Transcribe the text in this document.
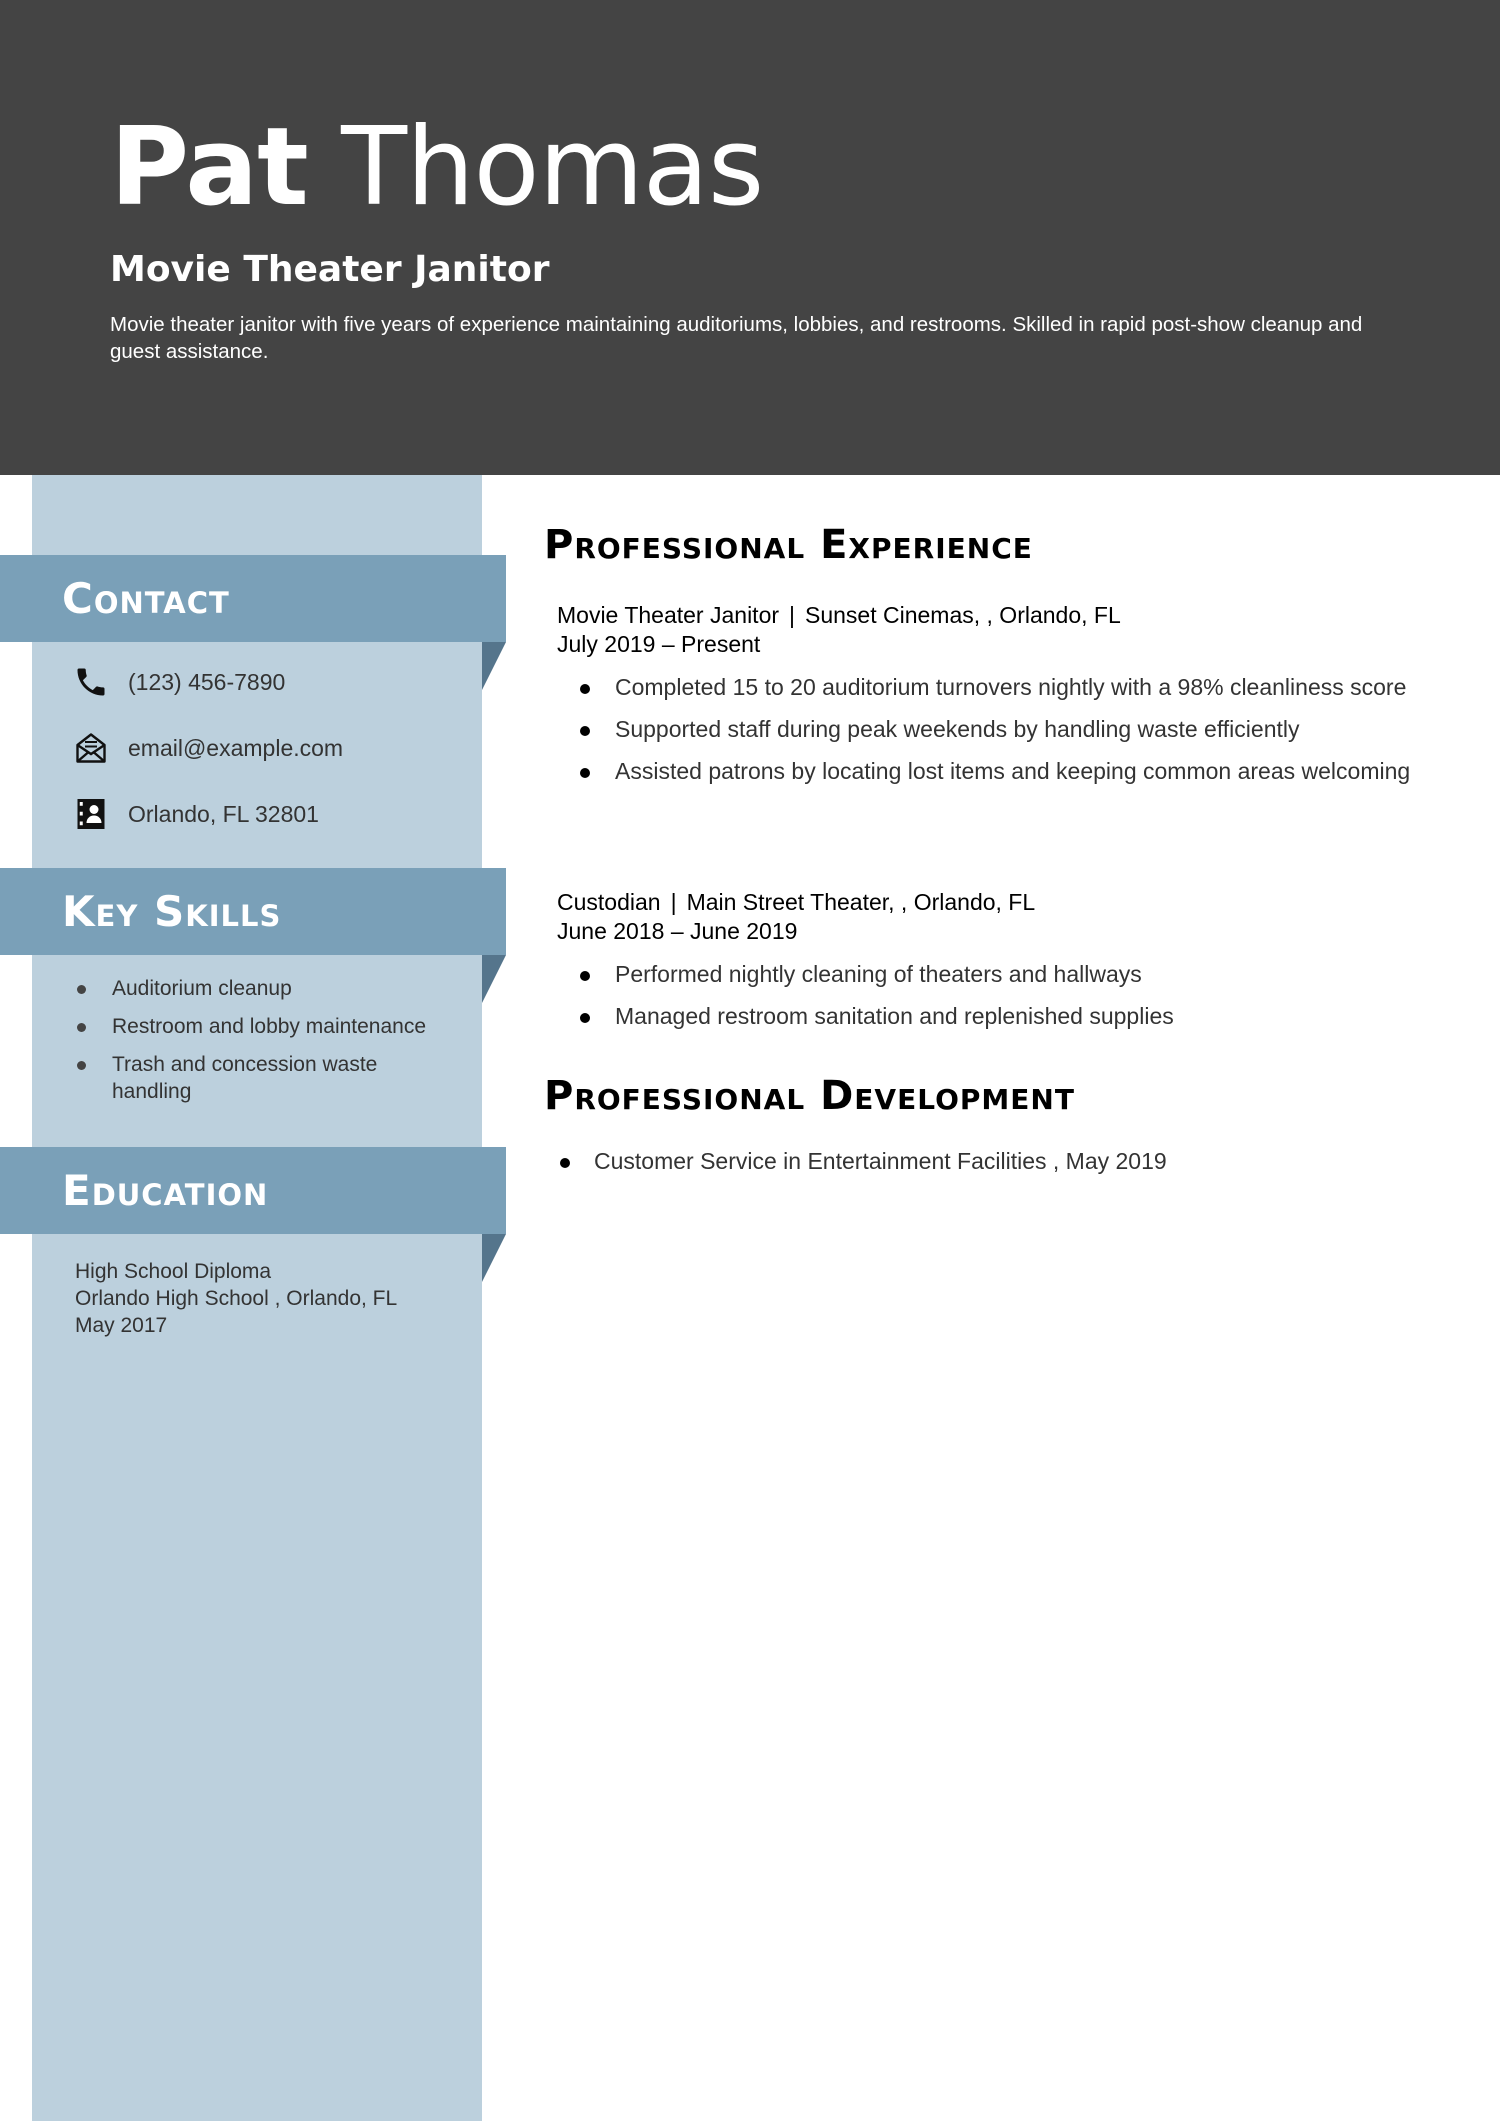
Pat Thomas
Movie Theater Janitor
Movie theater janitor with five years of experience maintaining auditoriums, lobbies, and restrooms. Skilled in rapid post-show cleanup and guest assistance.
Contact
(123) 456-7890
email@example.com
Orlando, FL 32801
Key Skills
Auditorium cleanup
Restroom and lobby maintenance
Trash and concession waste handling
Education
High School Diploma
Orlando High School , Orlando, FL
May 2017
Professional Experience
Movie Theater Janitor | Sunset Cinemas, , Orlando, FL
July 2019 – Present
Completed 15 to 20 auditorium turnovers nightly with a 98% cleanliness score
Supported staff during peak weekends by handling waste efficiently
Assisted patrons by locating lost items and keeping common areas welcoming
Custodian | Main Street Theater, , Orlando, FL
June 2018 – June 2019
Performed nightly cleaning of theaters and hallways
Managed restroom sanitation and replenished supplies
Professional Development
Customer Service in Entertainment Facilities , May 2019
